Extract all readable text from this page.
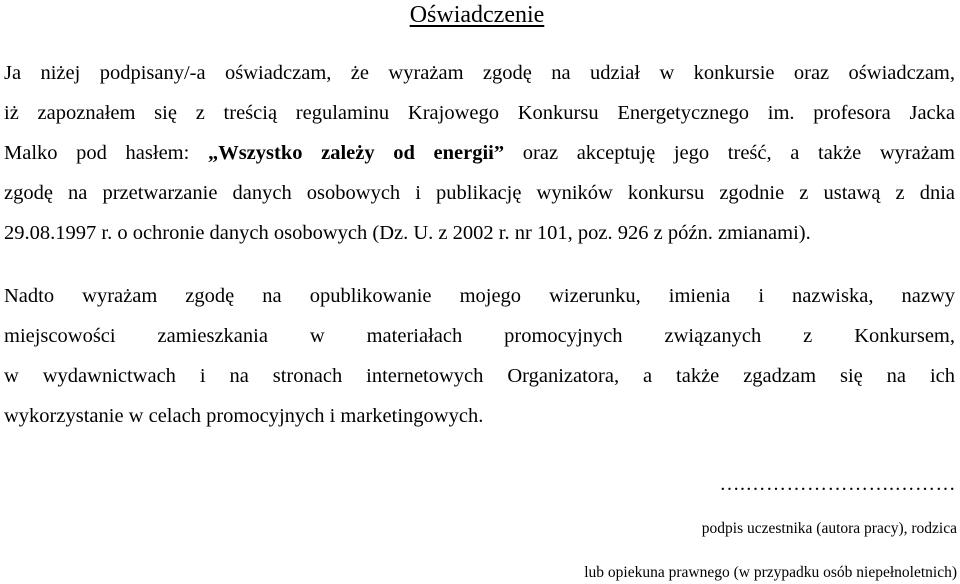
Oświadczenie
Ja niżej podpisany/-a oświadczam, że wyrażam zgodę na udział w konkursie oraz oświadczam,
iż zapoznałem się z treścią regulaminu Krajowego Konkursu Energetycznego im. profesora Jacka
Malko pod hasłem: „Wszystko zależy od energii” oraz akceptuję jego treść, a także wyrażam
zgodę na przetwarzanie danych osobowych i publikację wyników konkursu zgodnie z ustawą z dnia
29.08.1997 r. o ochronie danych osobowych (Dz. U. z 2002 r. nr 101, poz. 926 z późn. zmianami).
Nadto wyrażam zgodę na opublikowanie mojego wizerunku, imienia i nazwiska, nazwy
miejscowości zamieszkania w materiałach promocyjnych związanych z Konkursem,
w wydawnictwach i na stronach internetowych Organizatora, a także zgadzam się na ich
wykorzystanie w celach promocyjnych i marketingowych.
….………………….………
podpis uczestnika (autora pracy), rodzica
lub opiekuna prawnego (w przypadku osób niepełnoletnich)
